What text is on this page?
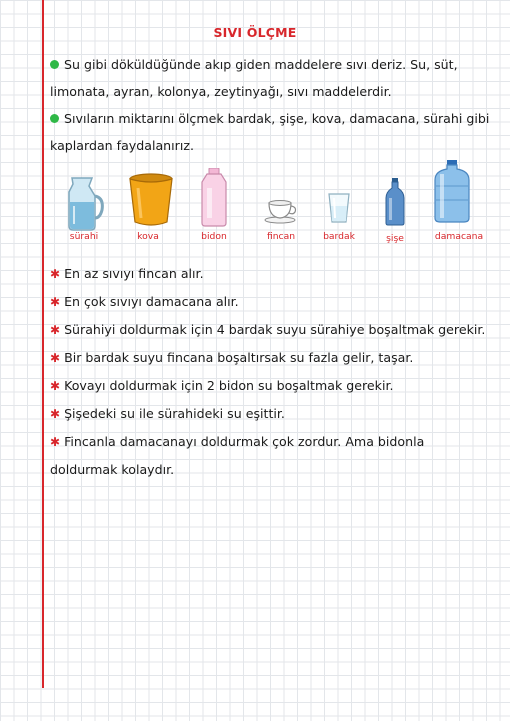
SIVI ÖLÇME

Su gibi döküldüğünde akıp giden maddelere sıvı deriz. Su, süt, limonata, ayran, kolonya, zeytinyağı, sıvı maddelerdir.

Sıvıların miktarını ölçmek bardak, şişe, kova, damacana, sürahi gibi kaplardan faydalanırız.

sürahi	kova	bidon	fincan	bardak	şişe	damacana

✱ En az sıvıyı fincan alır.

✱ En çok sıvıyı damacana alır.

✱ Sürahiyi doldurmak için 4 bardak suyu sürahiye boşaltmak gerekir.

✱ Bir bardak suyu fincana boşaltırsak su fazla gelir, taşar.

✱ Kovayı doldurmak için 2 bidon su boşaltmak gerekir.

✱ Şişedeki su ile sürahideki su eşittir.

✱ Fincanla damacanayı doldurmak çok zordur. Ama bidonla doldurmak kolaydır.
